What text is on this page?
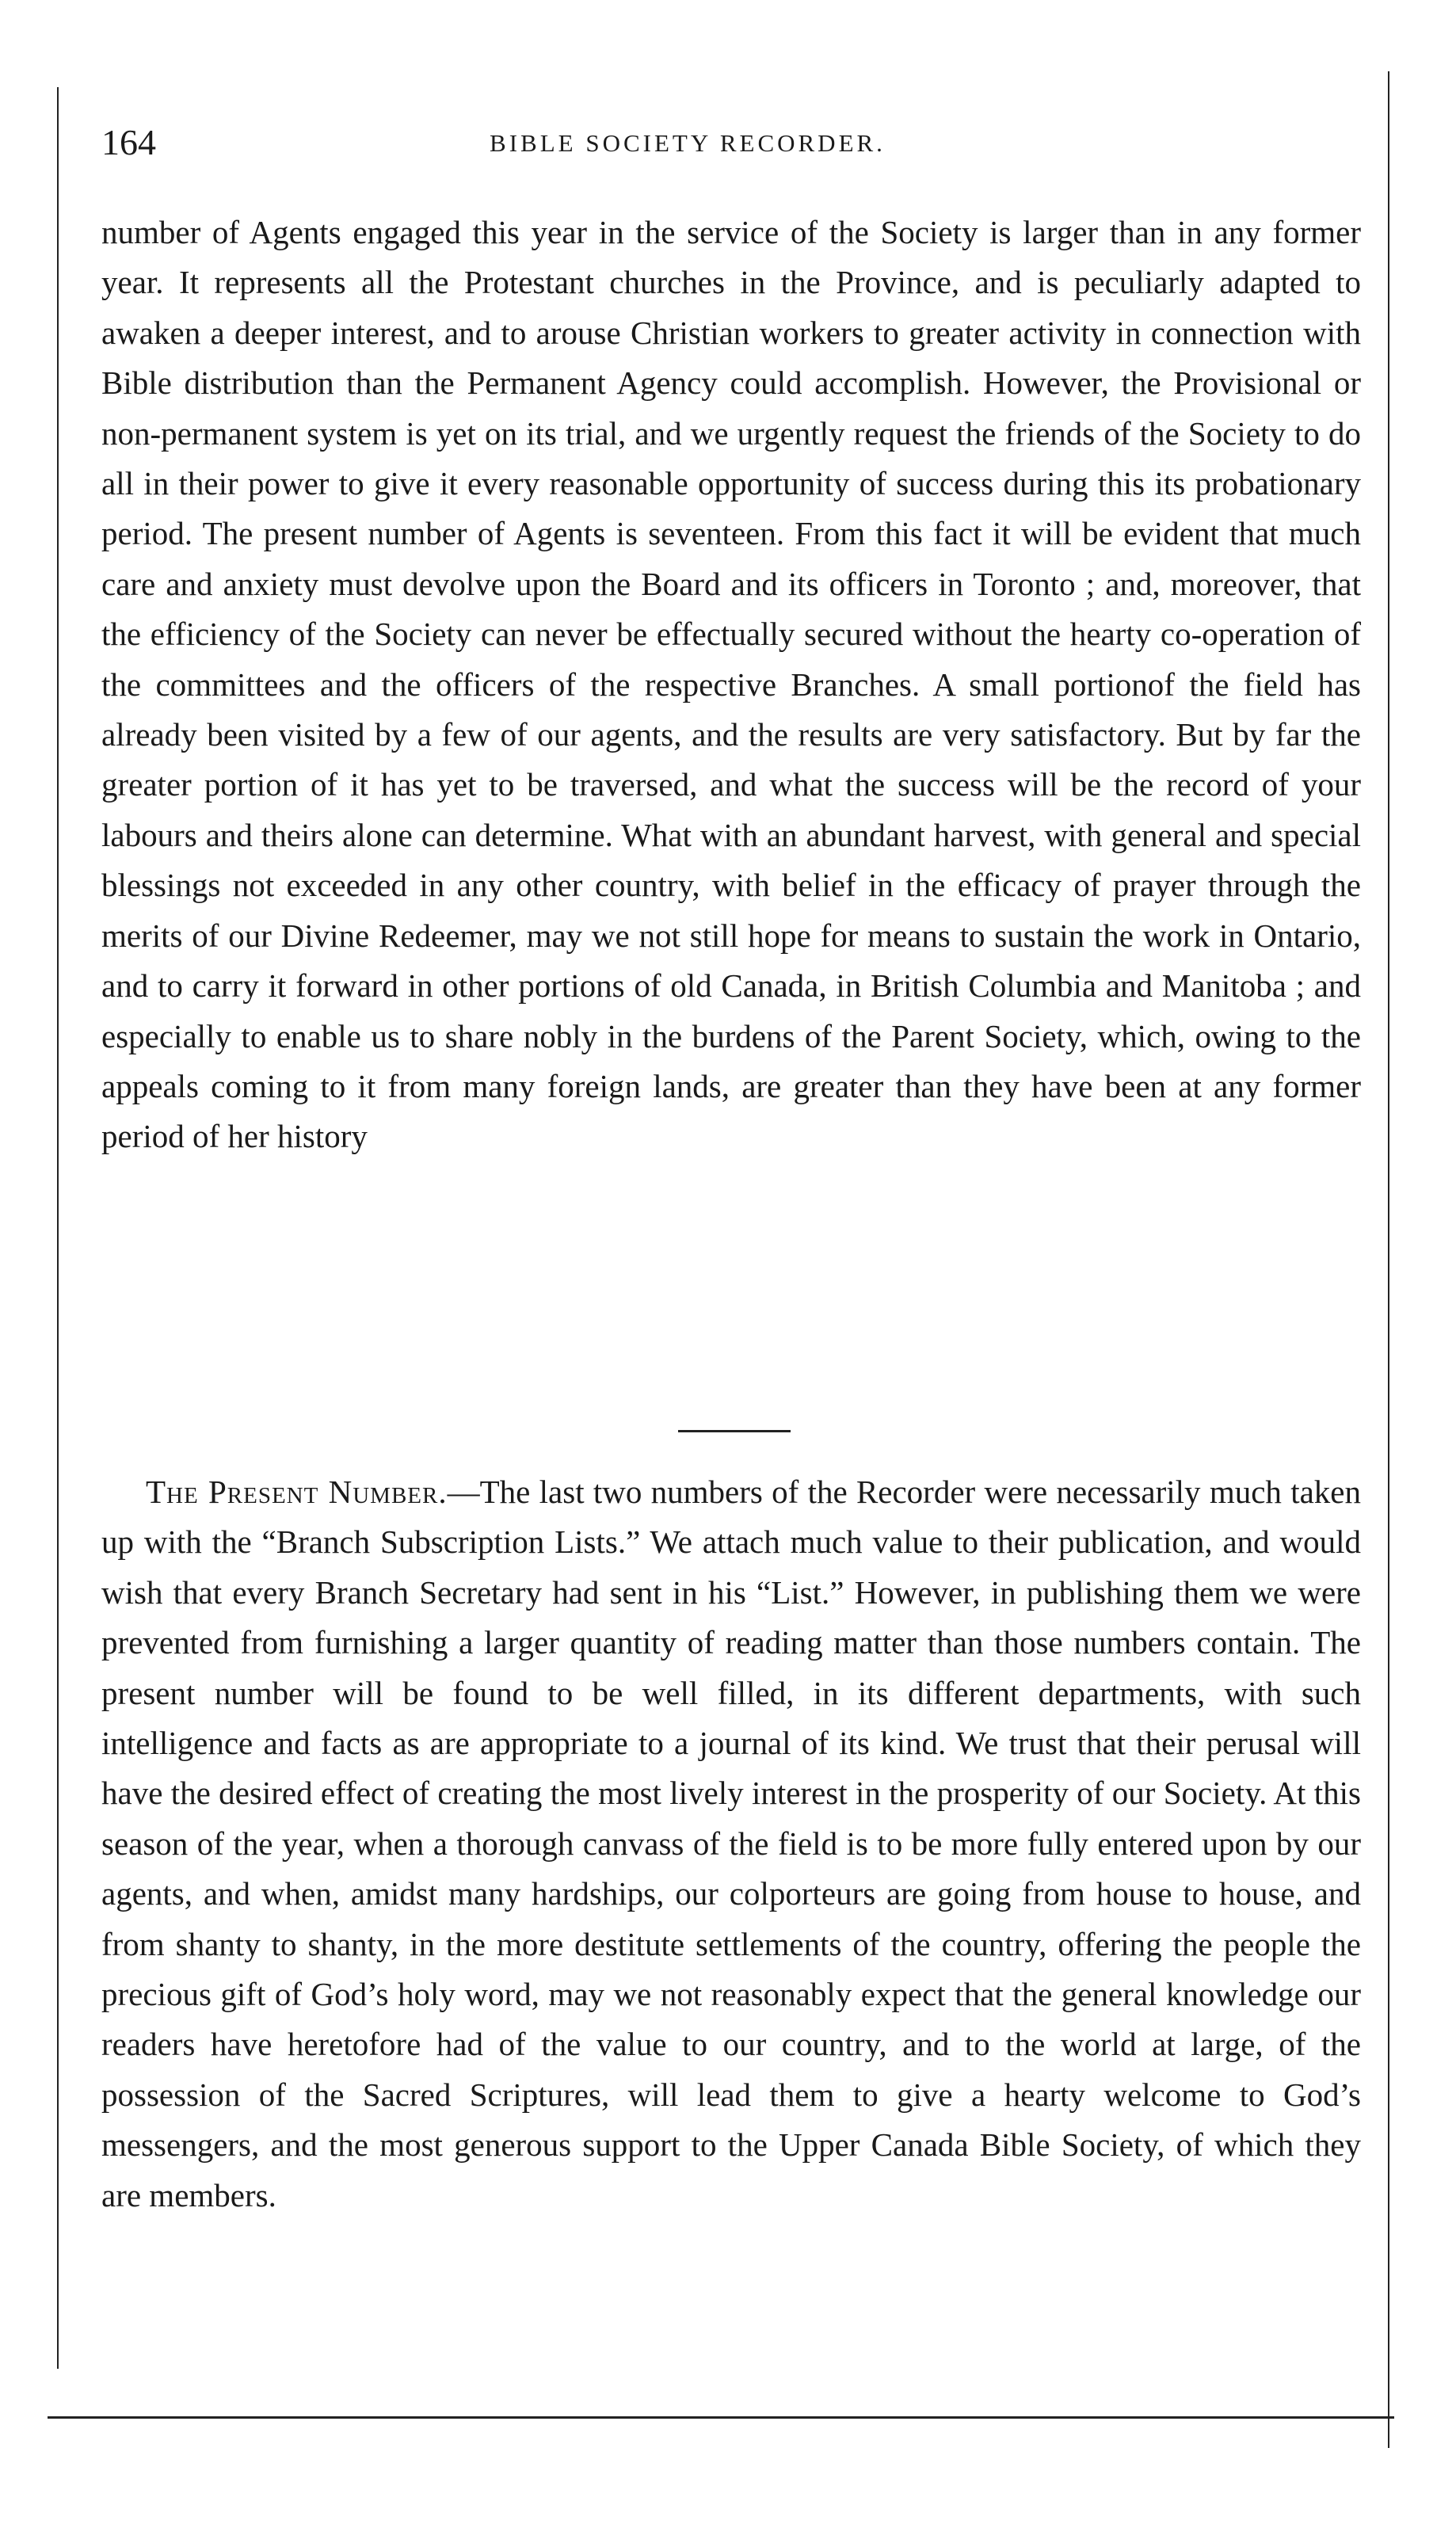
164	BIBLE SOCIETY RECORDER.

number of Agents engaged this year in the service of the Society is larger than in any former year. It represents all the Protestant churches in the Province, and is peculiarly adapted to awaken a deeper interest, and to arouse Christian workers to greater activity in connection with Bible distribution than the Permanent Agency could accomplish. However, the Provisional or non-permanent system is yet on its trial, and we urgently request the friends of the Society to do all in their power to give it every reasonable opportunity of success during this its probationary period. The present number of Agents is seventeen. From this fact it will be evident that much care and anxiety must devolve upon the Board and its officers in Toronto ; and, moreover, that the efficiency of the Society can never be effectually secured without the hearty co-operation of the committees and the officers of the respective Branches. A small portionof the field has already been visited by a few of our agents, and the results are very satisfactory. But by far the greater portion of it has yet to be traversed, and what the success will be the record of your labours and theirs alone can determine. What with an abundant harvest, with general and special blessings not exceeded in any other country, with belief in the efficacy of prayer through the merits of our Divine Redeemer, may we not still hope for means to sustain the work in Ontario, and to carry it forward in other portions of old Canada, in British Columbia and Manitoba ; and especially to enable us to share nobly in the burdens of the Parent Society, which, owing to the appeals coming to it from many foreign lands, are greater than they have been at any former period of her history

The Present Number.—The last two numbers of the Recorder were necessarily much taken up with the “Branch Subscription Lists.” We attach much value to their publication, and would wish that every Branch Secretary had sent in his “List.” However, in publishing them we were prevented from furnishing a larger quantity of reading matter than those numbers contain. The present number will be found to be well filled, in its different departments, with such intelligence and facts as are appropriate to a journal of its kind. We trust that their perusal will have the desired effect of creating the most lively interest in the prosperity of our Society. At this season of the year, when a thorough canvass of the field is to be more fully entered upon by our agents, and when, amidst many hardships, our colporteurs are going from house to house, and from shanty to shanty, in the more destitute settlements of the country, offering the people the precious gift of God’s holy word, may we not reasonably expect that the general knowledge our readers have heretofore had of the value to our country, and to the world at large, of the possession of the Sacred Scriptures, will lead them to give a hearty welcome to God’s messengers, and the most generous support to the Upper Canada Bible Society, of which they are members.
